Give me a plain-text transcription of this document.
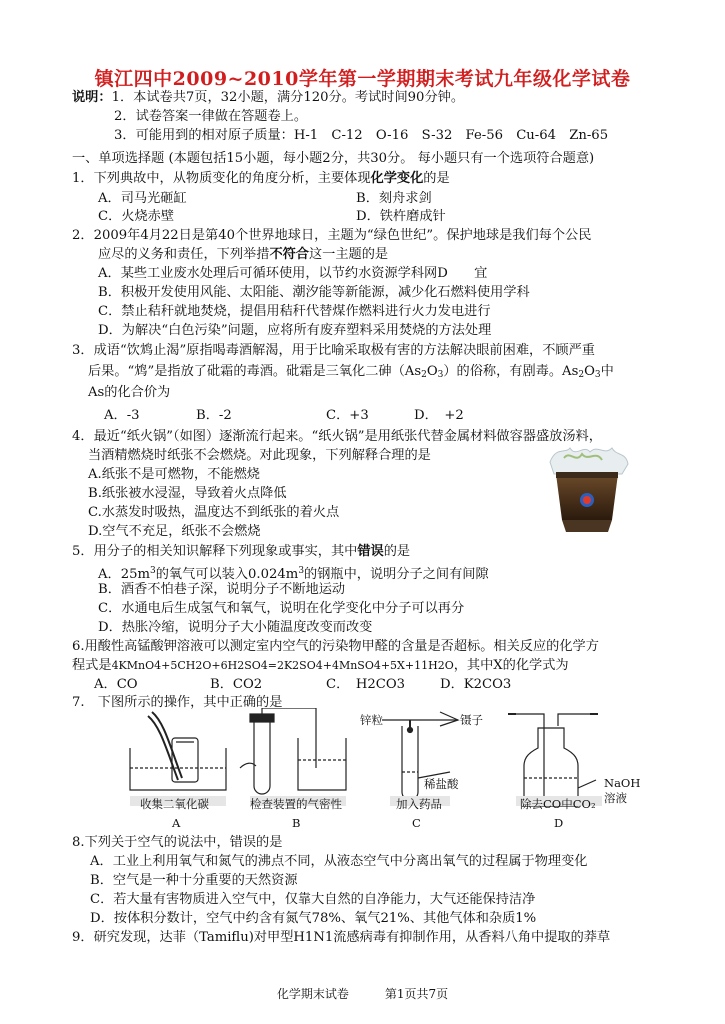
镇江四中2009~2010学年第一学期期末考试九年级化学试卷
说明：1．本试卷共7页，32小题，满分120分。考试时间90分钟。
2．试卷答案一律做在答题卷上。
3．可能用到的相对原子质量：H-1　C-12　O-16　S-32　Fe-56　Cu-64　Zn-65
一、单项选择题 (本题包括15小题，每小题2分，共30分。 每小题只有一个选项符合题意)
1．下列典故中，从物质变化的角度分析，主要体现化学变化的是
A．司马光砸缸	B．刻舟求剑
C．火烧赤壁	D．铁杵磨成针
2．2009年4月22日是第40个世界地球日，主题为“绿色世纪”。保护地球是我们每个公民
应尽的义务和责任，下列举措不符合这一主题的是
A．某些工业废水处理后可循环使用，以节约水资源学科网D　　宜
B．积极开发使用风能、太阳能、潮汐能等新能源，减少化石燃料使用学科
C．禁止秸秆就地焚烧，提倡用秸秆代替煤作燃料进行火力发电进行
D．为解决“白色污染”问题，应将所有废弃塑料采用焚烧的方法处理
3．成语“饮鸩止渴”原指喝毒酒解渴，用于比喻采取极有害的方法解决眼前困难，不顾严重
后果。“鸩”是指放了砒霜的毒酒。砒霜是三氧化二砷$(As_2O_3)$的俗称，有剧毒。$As_2O_3$中
As的化合价为
A．-3	B．-2	C．+3	D．　+2
4．最近“纸火锅”（如图）逐渐流行起来。“纸火锅”是用纸张代替金属材料做容器盛放汤料，
当酒精燃烧时纸张不会燃烧。对此现象，下列解释合理的是
A.纸张不是可燃物，不能燃烧
B.纸张被水浸湿，导致着火点降低
C.水蒸发时吸热，温度达不到纸张的着火点
D.空气不充足，纸张不会燃烧
5．用分子的相关知识解释下列现象或事实，其中错误的是
A．$25m^3$的氧气可以装入$0.024m^3$的钢瓶中，说明分子之间有间隙
B．酒香不怕巷子深，说明分子不断地运动
C．水通电后生成氢气和氧气，说明在化学变化中分子可以再分
D．热胀冷缩，说明分子大小随温度改变而改变
6.用酸性高锰酸钾溶液可以测定室内空气的污染物甲醛的含量是否超标。相关反应的化学方
程式是4KMnO4+5CH2O+6H2SO4=2K2SO4+4MnSO4+5X+11H2O，其中X的化学式为
A．CO	B．CO2	C．　H2CO3	D．K2CO3
7.　下图所示的操作，其中正确的是
锌粒	镊子
稀盐酸	NaOH
溶液
收集二氧化碳	检查装置的气密性	加入药品	除去CO中CO₂
A	B	C	D
8.下列关于空气的说法中，错误的是
A．工业上利用氧气和氮气的沸点不同，从液态空气中分离出氧气的过程属于物理变化
B．空气是一种十分重要的天然资源
C．若大量有害物质进入空气中，仅靠大自然的自净能力，大气还能保持洁净
D．按体积分数计，空气中约含有氮气78%、氧气21%、其他气体和杂质1%
9．研究发现，达菲（Tamiflu)对甲型H1N1流感病毒有抑制作用，从香料八角中提取的莽草
化学期末试卷　　　第1页共7页
